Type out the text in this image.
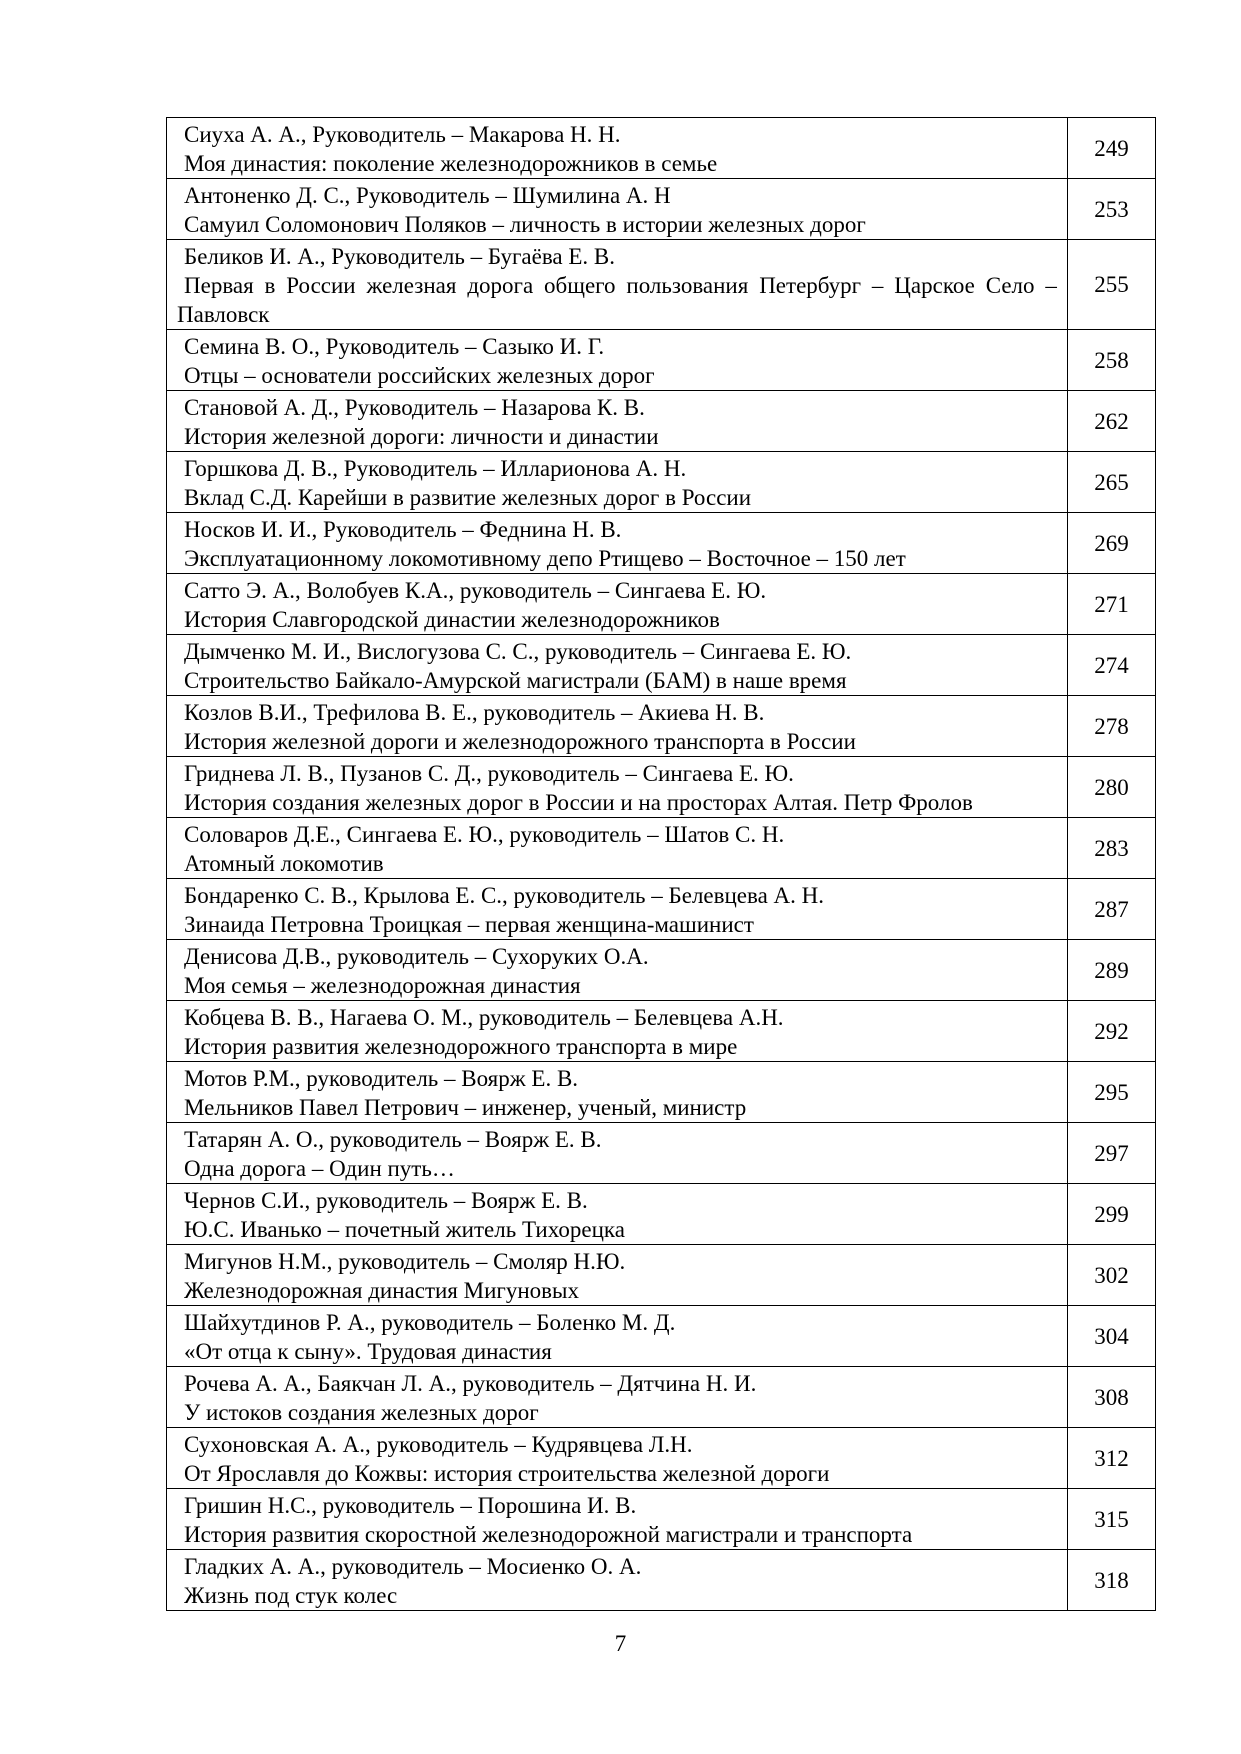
Сиуха А. А., Руководитель – Макарова Н. Н.
Моя династия: поколение железнодорожников в семье	249

Антоненко Д. С., Руководитель – Шумилина А. Н
Самуил Соломонович Поляков – личность в истории железных дорог	253

Беликов И. А., Руководитель – Бугаёва Е. В.
Первая в России железная дорога общего пользования Петербург – Царское Село – Павловск	255

Семина В. О., Руководитель – Сазыко И. Г.
Отцы – основатели российских железных дорог	258

Становой А. Д., Руководитель – Назарова К. В.
История железной дороги: личности и династии	262

Горшкова Д. В., Руководитель – Илларионова А. Н.
Вклад С.Д. Карейши в развитие железных дорог в России	265

Носков И. И., Руководитель – Феднина Н. В.
Эксплуатационному локомотивному депо Ртищево – Восточное – 150 лет	269

Сатто Э. А., Волобуев К.А., руководитель – Сингаева Е. Ю.
История Славгородской династии железнодорожников	271

Дымченко М. И., Вислогузова С. С., руководитель – Сингаева Е. Ю.
Строительство Байкало-Амурской магистрали (БАМ) в наше время	274

Козлов В.И., Трефилова В. Е., руководитель – Акиева Н. В.
История железной дороги и железнодорожного транспорта в России	278

Гриднева Л. В., Пузанов С. Д., руководитель – Сингаева Е. Ю.
История создания железных дорог в России и на просторах Алтая. Петр Фролов	280

Соловаров Д.Е., Сингаева Е. Ю., руководитель – Шатов С. Н.
Атомный локомотив	283

Бондаренко С. В., Крылова Е. С., руководитель – Белевцева А. Н.
Зинаида Петровна Троицкая – первая женщина-машинист	287

Денисова Д.В., руководитель – Сухоруких О.А.
Моя семья – железнодорожная династия	289

Кобцева В. В., Нагаева О. М., руководитель – Белевцева А.Н.
История развития железнодорожного транспорта в мире	292

Мотов Р.М., руководитель – Воярж Е. В.
Мельников Павел Петрович – инженер, ученый, министр	295

Татарян А. О., руководитель – Воярж Е. В.
Одна дорога – Один путь…	297

Чернов С.И., руководитель – Воярж Е. В.
Ю.С. Иванько – почетный житель Тихорецка	299

Мигунов Н.М., руководитель – Смоляр Н.Ю.
Железнодорожная династия Мигуновых	302

Шайхутдинов Р. А., руководитель – Боленко М. Д.
«От отца к сыну». Трудовая династия	304

Рочева А. А., Баякчан Л. А., руководитель – Дятчина Н. И.
У истоков создания железных дорог	308

Сухоновская А. А., руководитель – Кудрявцева Л.Н.
От Ярославля до Кожвы: история строительства железной дороги	312

Гришин Н.С., руководитель – Порошина И. В.
История развития скоростной железнодорожной магистрали и транспорта	315

Гладких А. А., руководитель – Мосиенко О. А.
Жизнь под стук колес	318
7
